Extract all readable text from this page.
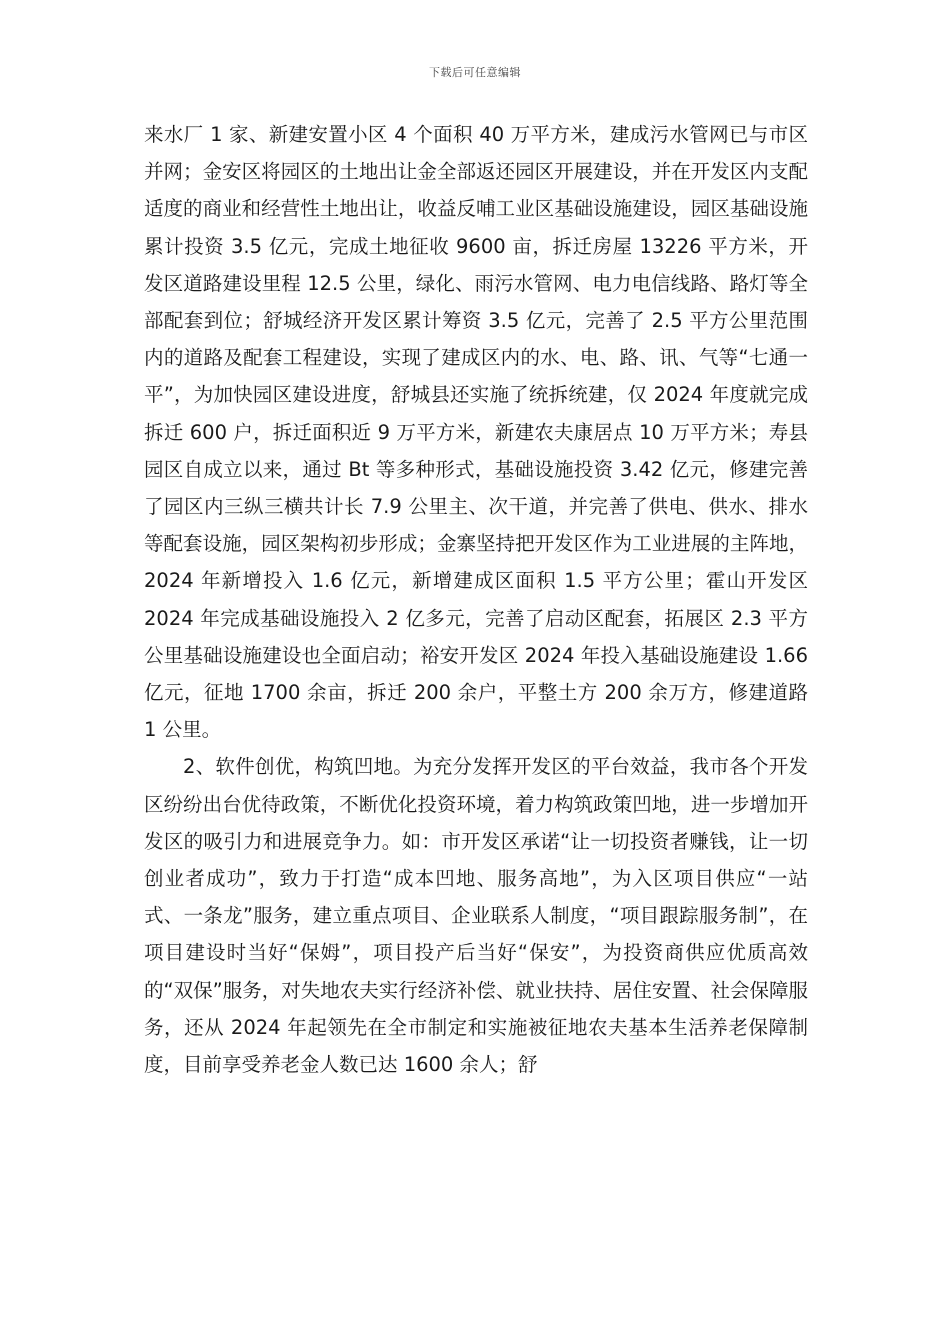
下载后可任意编辑

来水厂 1 家、新建安置小区 4 个面积 40 万平方米，建成污水管网已与市区并网；金安区将园区的土地出让金全部返还园区开展建设，并在开发区内支配适度的商业和经营性土地出让，收益反哺工业区基础设施建设，园区基础设施累计投资 3.5 亿元，完成土地征收 9600 亩，拆迁房屋 13226 平方米，开发区道路建设里程 12.5 公里，绿化、雨污水管网、电力电信线路、路灯等全部配套到位；舒城经济开发区累计筹资 3.5 亿元，完善了 2.5 平方公里范围内的道路及配套工程建设，实现了建成区内的水、电、路、讯、气等“七通一平”，为加快园区建设进度，舒城县还实施了统拆统建，仅 2024 年度就完成拆迁 600 户，拆迁面积近 9 万平方米，新建农夫康居点 10 万平方米；寿县园区自成立以来，通过 Bt 等多种形式，基础设施投资 3.42 亿元，修建完善了园区内三纵三横共计长 7.9 公里主、次干道，并完善了供电、供水、排水等配套设施，园区架构初步形成；金寨坚持把开发区作为工业进展的主阵地，2024 年新增投入 1.6 亿元，新增建成区面积 1.5 平方公里；霍山开发区 2024 年完成基础设施投入 2 亿多元，完善了启动区配套，拓展区 2.3 平方公里基础设施建设也全面启动；裕安开发区 2024 年投入基础设施建设 1.66 亿元，征地 1700 余亩，拆迁 200 余户，平整土方 200 余万方，修建道路 1 公里。

2、软件创优，构筑凹地。为充分发挥开发区的平台效益，我市各个开发区纷纷出台优待政策，不断优化投资环境，着力构筑政策凹地，进一步增加开发区的吸引力和进展竞争力。如：市开发区承诺“让一切投资者赚钱，让一切创业者成功”，致力于打造“成本凹地、服务高地”，为入区项目供应“一站式、一条龙”服务，建立重点项目、企业联系人制度，“项目跟踪服务制”，在项目建设时当好“保姆”，项目投产后当好“保安”，为投资商供应优质高效的“双保”服务，对失地农夫实行经济补偿、就业扶持、居住安置、社会保障服务，还从 2024 年起领先在全市制定和实施被征地农夫基本生活养老保障制度，目前享受养老金人数已达 1600 余人；舒
